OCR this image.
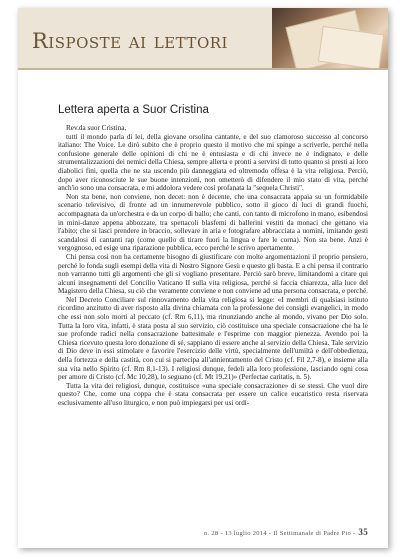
Risposte ai lettori
Lettera aperta a Suor Cristina

Rev.da suor Cristina,

tutti il mondo parla di lei, della giovane orsolina cantante, e del suo clamoroso successo al concorso italiano: The Voice. Le dirò subito che è proprio questo il motivo che mi spinge a scriverle, perché nella confusione generale delle opinioni di chi ne è entusiasta e di chi invece ne è indignato, e delle strumentalizzazioni dei nemici della Chiesa, sempre allerta e pronti a servirsi di tutto quanto si presti ai loro diabolici fini, quella che ne sta uscendo più danneggiata ed oltremodo offesa è la vita religiosa. Perciò, dopo aver riconosciute le sue buone intenzioni, non ometterò di difendere il mio stato di vita, perché anch'io sono una consacrata, e mi addolora vedere così profanata la "sequela Christi".

Non sta bene, non conviene, non decet: non è decente, che una consacrata appaia su un formidabile scenario televisivo, di fronte ad un innumerevole pubblico, sotto il gioco di luci di grandi fuochi, accompagnata da un'orchestra e da un corpo di ballo; che canti, con tanto di microfono in mano, esibendosi in mini-danze appena abbozzate, tra spettacoli blasfemi di ballerini vestiti da monaci che gettano via l'abito; che si lasci prendere in braccio, sollevare in aria e fotografare abbracciata a uomini, imitando gesti scandalosi di cantanti rap (come quello di tirare fuori la lingua e fare le corna). Non sta bene. Anzi è vergognoso, ed esige una riparazione pubblica, ecco perché le scrivo apertamente.

Chi pensa così non ha certamente bisogno di giustificare con molte argomentazioni il proprio pensiero, perché lo fonda sugli esempi della vita di Nostro Signore Gesù e questo gli basta. E a chi pensa il contrario non varranno tutti gli argomenti che gli si vogliano presentare. Perciò sarò breve, limitandomi a citare qui alcuni insegnamenti del Concilio Vaticano II sulla vita religiosa, perché si faccia chiarezza, alla luce del Magistero della Chiesa, su ciò che veramente conviene e non conviene ad una persona consacrata, e perché.

Nel Decreto Conciliare sul rinnovamento della vita religiosa si legge: «I membri di qualsiasi istituto ricordino anzitutto di aver risposto alla divina chiamata con la professione dei consigli evangelici, in modo che essi non solo morti al peccato (cf. Rm 6,11), ma rinunziando anche al mondo, vivano per Dio solo. Tutta la loro vita, infatti, è stata posta al suo servizio, ciò costituisce una speciale consacrazione che ha le sue profonde radici nella consacrazione battesimale e l'esprime con maggior pienezza. Avendo poi la Chiesa ricevuto questa loro donazione di sé, sappiano di essere anche al servizio della Chiesa. Tale servizio di Dio deve in essi stimolare e favorire l'esercizio delle virtù, specialmente dell'umiltà e dell'obbedienza, della fortezza e della castità, con cui si partecipa all'annientamento del Cristo (cf. Fil 2,7-8), e insieme alla sua vita nello Spirito (cf. Rm 8,1-13). I religiosi dunque, fedeli alla loro professione, lasciando ogni cosa per amore di Cristo (cf. Mc 10,28), lo seguano (cf. Mt 19,21)» (Perfectae caritatis, n. 5).

Tutta la vita dei religiosi, dunque, costituisce «una speciale consacrazione» di se stessi. Che vuol dire questo? Che, come una coppa che è stata consacrata per essere un calice eucaristico resta riservata esclusivamente all'uso liturgico, e non può impiegarsi per usi ordi-

n. 28 - 13 luglio 2014 - Il Settimanale di Padre Pio - 35
